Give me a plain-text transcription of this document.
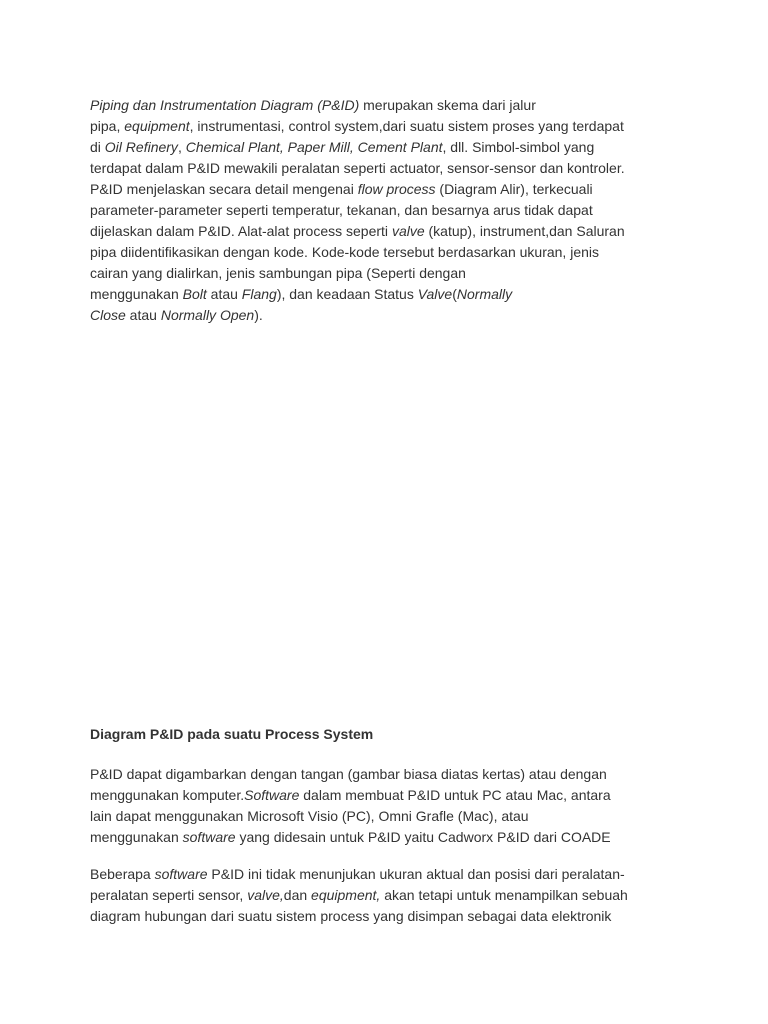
Piping dan Instrumentation Diagram (P&ID) merupakan skema dari jalur
pipa, equipment, instrumentasi, control system,dari suatu sistem proses yang terdapat
di Oil Refinery, Chemical Plant, Paper Mill, Cement Plant, dll. Simbol-simbol yang
terdapat dalam P&ID mewakili peralatan seperti actuator, sensor-sensor dan kontroler.
P&ID menjelaskan secara detail mengenai flow process (Diagram Alir), terkecuali
parameter-parameter seperti temperatur, tekanan, dan besarnya arus tidak dapat
dijelaskan dalam P&ID. Alat-alat process seperti valve (katup), instrument,dan Saluran
pipa diidentifikasikan dengan kode. Kode-kode tersebut berdasarkan ukuran, jenis
cairan yang dialirkan, jenis sambungan pipa (Seperti dengan
menggunakan Bolt atau Flang), dan keadaan Status Valve(Normally
Close atau Normally Open).
Diagram P&ID pada suatu Process System
P&ID dapat digambarkan dengan tangan (gambar biasa diatas kertas) atau dengan
menggunakan komputer.Software dalam membuat P&ID untuk PC atau Mac, antara
lain dapat menggunakan Microsoft Visio (PC), Omni Grafle (Mac), atau
menggunakan software yang didesain untuk P&ID yaitu Cadworx P&ID dari COADE
Beberapa software P&ID ini tidak menunjukan ukuran aktual dan posisi dari peralatan-
peralatan seperti sensor, valve,dan equipment, akan tetapi untuk menampilkan sebuah
diagram hubungan dari suatu sistem process yang disimpan sebagai data elektronik
